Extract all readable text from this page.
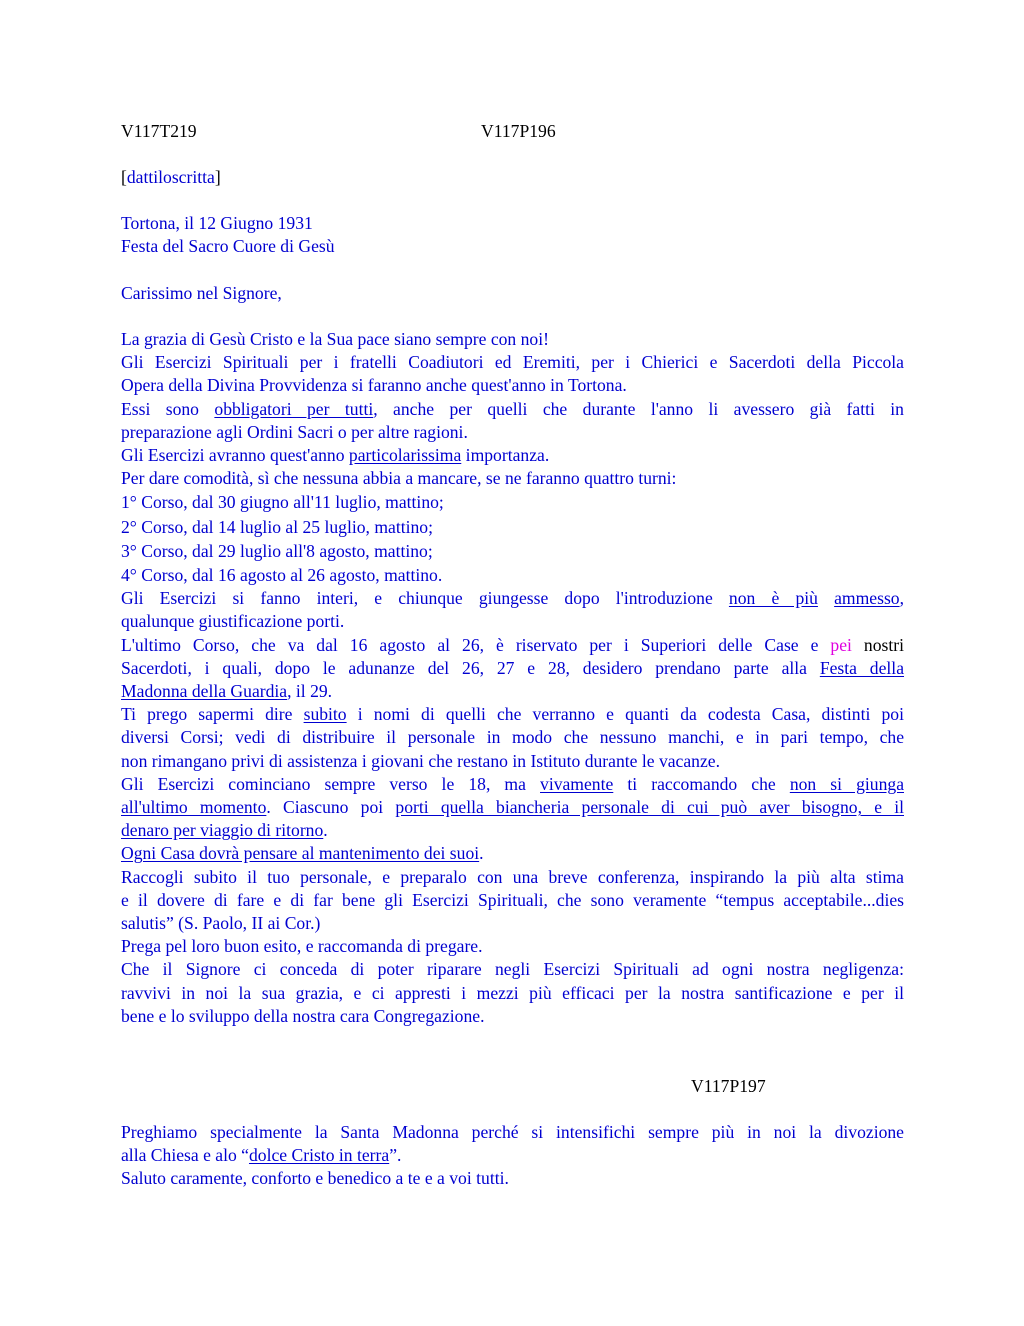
V117T219	V117P196
[dattiloscritta]
Tortona, il 12 Giugno 1931
Festa del Sacro Cuore di Gesù
Carissimo nel Signore,
La grazia di Gesù Cristo e la Sua pace siano sempre con noi!
Gli Esercizi Spirituali per i fratelli Coadiutori ed Eremiti, per i Chierici e Sacerdoti della Piccola
Opera della Divina Provvidenza si faranno anche quest'anno in Tortona.
Essi sono obbligatori per tutti, anche per quelli che durante l'anno li avessero già fatti in
preparazione agli Ordini Sacri o per altre ragioni.
Gli Esercizi avranno quest'anno particolarissima importanza.
Per dare comodità, sì che nessuna abbia a mancare, se ne faranno quattro turni:
1° Corso, dal 30 giugno all'11 luglio, mattino;
2° Corso, dal 14 luglio al 25 luglio, mattino;
3° Corso, dal 29 luglio all'8 agosto, mattino;
4° Corso, dal 16 agosto al 26 agosto, mattino.
Gli Esercizi si fanno interi, e chiunque giungesse dopo l'introduzione non è più ammesso,
qualunque giustificazione porti.
L'ultimo Corso, che va dal 16 agosto al 26, è riservato per i Superiori delle Case e pei nostri
Sacerdoti, i quali, dopo le adunanze del 26, 27 e 28, desidero prendano parte alla Festa della
Madonna della Guardia, il 29.
Ti prego sapermi dire subito i nomi di quelli che verranno e quanti da codesta Casa, distinti poi
diversi Corsi; vedi di distribuire il personale in modo che nessuno manchi, e in pari tempo, che
non rimangano privi di assistenza i giovani che restano in Istituto durante le vacanze.
Gli Esercizi cominciano sempre verso le 18, ma vivamente ti raccomando che non si giunga
all'ultimo momento. Ciascuno poi porti quella biancheria personale di cui può aver bisogno, e il
denaro per viaggio di ritorno.
Ogni Casa dovrà pensare al mantenimento dei suoi.
Raccogli subito il tuo personale, e preparalo con una breve conferenza, inspirando la più alta stima
e il dovere di fare e di far bene gli Esercizi Spirituali, che sono veramente “tempus acceptabile...dies
salutis” (S. Paolo, II ai Cor.)
Prega pel loro buon esito, e raccomanda di pregare.
Che il Signore ci conceda di poter riparare negli Esercizi Spirituali ad ogni nostra negligenza:
ravvivi in noi la sua grazia, e ci appresti i mezzi più efficaci per la nostra santificazione e per il
bene e lo sviluppo della nostra cara Congregazione.
V117P197
Preghiamo specialmente la Santa Madonna perché si intensifichi sempre più in noi la divozione
alla Chiesa e alo “dolce Cristo in terra”.
Saluto caramente, conforto e benedico a te e a voi tutti.
